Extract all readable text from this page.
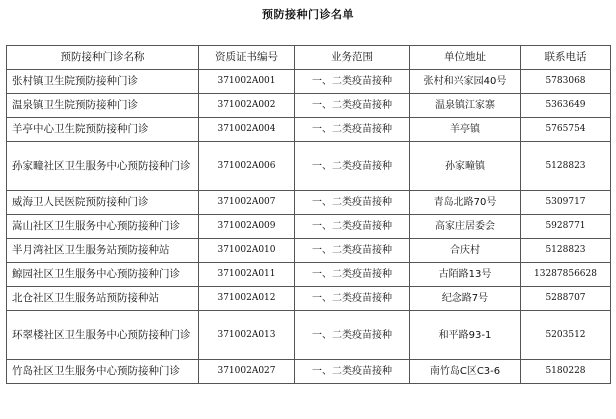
预防接种门诊名单
预防接种门诊名称	资质证书编号	业务范围	单位地址	联系电话
张村镇卫生院预防接种门诊	371002A001	一、二类疫苗接种	张村和兴家园40号	5783068
温泉镇卫生院预防接种门诊	371002A002	一、二类疫苗接种	温泉镇江家寨	5363649
羊亭中心卫生院预防接种门诊	371002A004	一、二类疫苗接种	羊亭镇	5765754
孙家疃社区卫生服务中心预防接种门诊	371002A006	一、二类疫苗接种	孙家疃镇	5128823
威海卫人民医院预防接种门诊	371002A007	一、二类疫苗接种	青岛北路70号	5309717
嵩山社区卫生服务中心预防接种门诊	371002A009	一、二类疫苗接种	高家庄居委会	5928771
半月湾社区卫生服务站预防接种站	371002A010	一、二类疫苗接种	合庆村	5128823
鲸园社区卫生服务中心预防接种门诊	371002A011	一、二类疫苗接种	古陌路13号	13287856628
北仓社区卫生服务站预防接种站	371002A012	一、二类疫苗接种	纪念路7号	5288707
环翠楼社区卫生服务中心预防接种门诊	371002A013	一、二类疫苗接种	和平路93-1	5203512
竹岛社区卫生服务中心预防接种门诊	371002A027	一、二类疫苗接种	南竹岛C区C3-6	5180228
